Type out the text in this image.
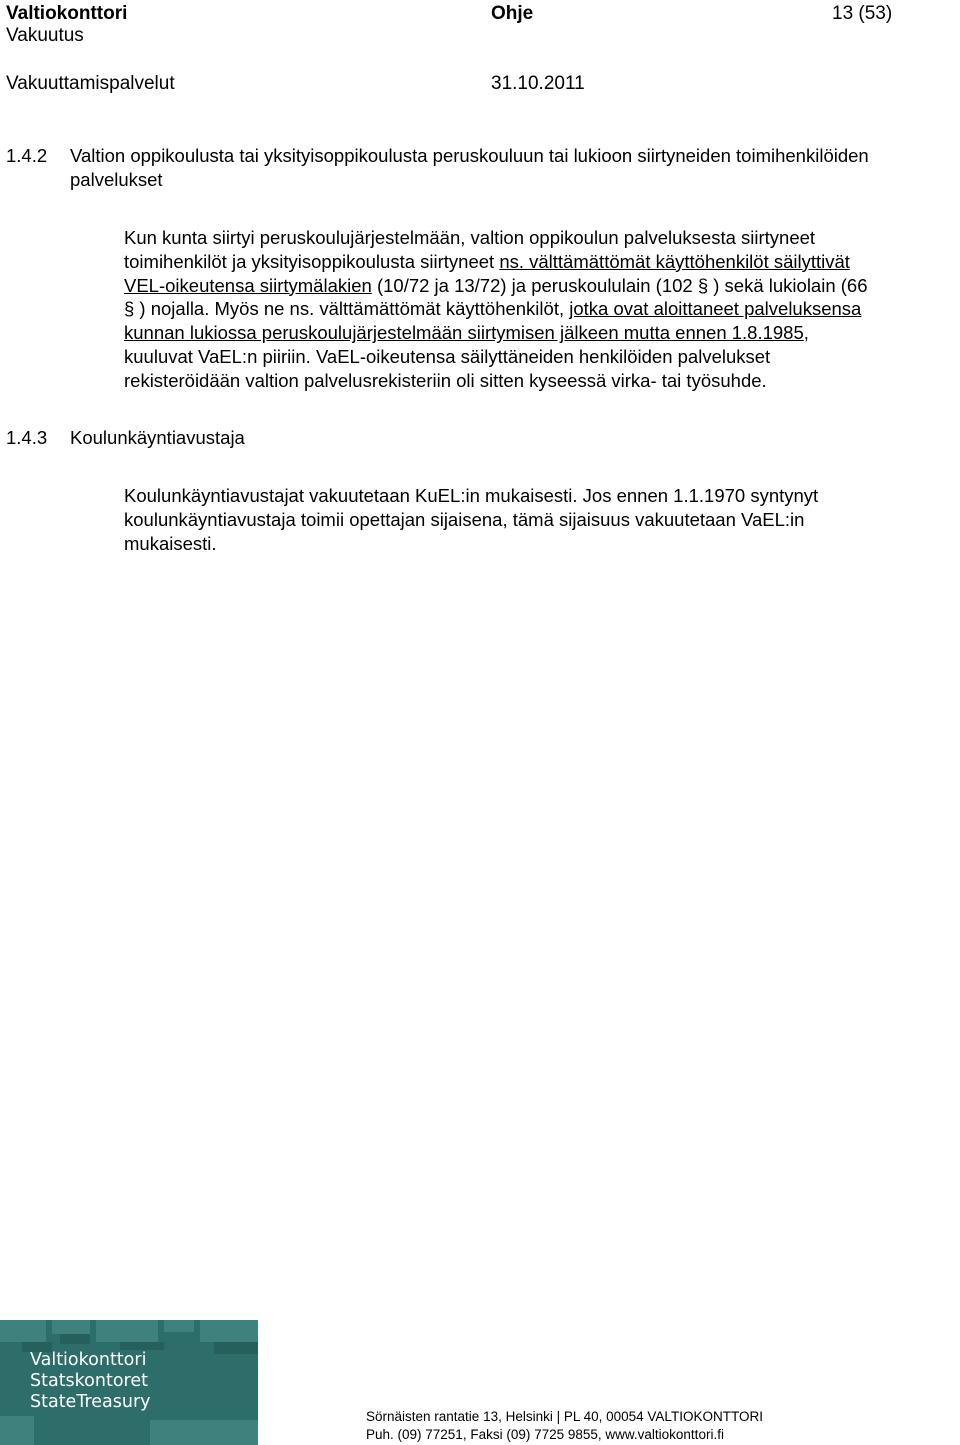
Valtiokonttori
Vakuutus
Vakuuttamispalvelut
Ohje
31.10.2011
13 (53)
1.4.2 Valtion oppikoulusta tai yksityisoppikoulusta peruskouluun tai lukioon siirtyneiden toimihenkilöiden
palvelukset
Kun kunta siirtyi peruskoulujärjestelmään, valtion oppikoulun palveluksesta siirtyneet
toimihenkilöt ja yksityisoppikoulusta siirtyneet ns. välttämättömät käyttöhenkilöt säilyttivät
VEL-oikeutensa siirtymälakien (10/72 ja 13/72) ja peruskoululain (102 § ) sekä lukiolain (66
§ ) nojalla. Myös ne ns. välttämättömät käyttöhenkilöt, jotka ovat aloittaneet palveluksensa
kunnan lukiossa peruskoulujärjestelmään siirtymisen jälkeen mutta ennen 1.8.1985,
kuuluvat VaEL:n piiriin. VaEL-oikeutensa säilyttäneiden henkilöiden palvelukset
rekisteröidään valtion palvelusrekisteriin oli sitten kyseessä virka- tai työsuhde.
1.4.3 Koulunkäyntiavustaja
Koulunkäyntiavustajat vakuutetaan KuEL:in mukaisesti. Jos ennen 1.1.1970 syntynyt
koulunkäyntiavustaja toimii opettajan sijaisena, tämä sijaisuus vakuutetaan VaEL:in
mukaisesti.
Valtiokonttori
Statskontoret
StateTreasury
Sörnäisten rantatie 13, Helsinki | PL 40, 00054 VALTIOKONTTORI
Puh. (09) 77251, Faksi (09) 7725 9855, www.valtiokonttori.fi
